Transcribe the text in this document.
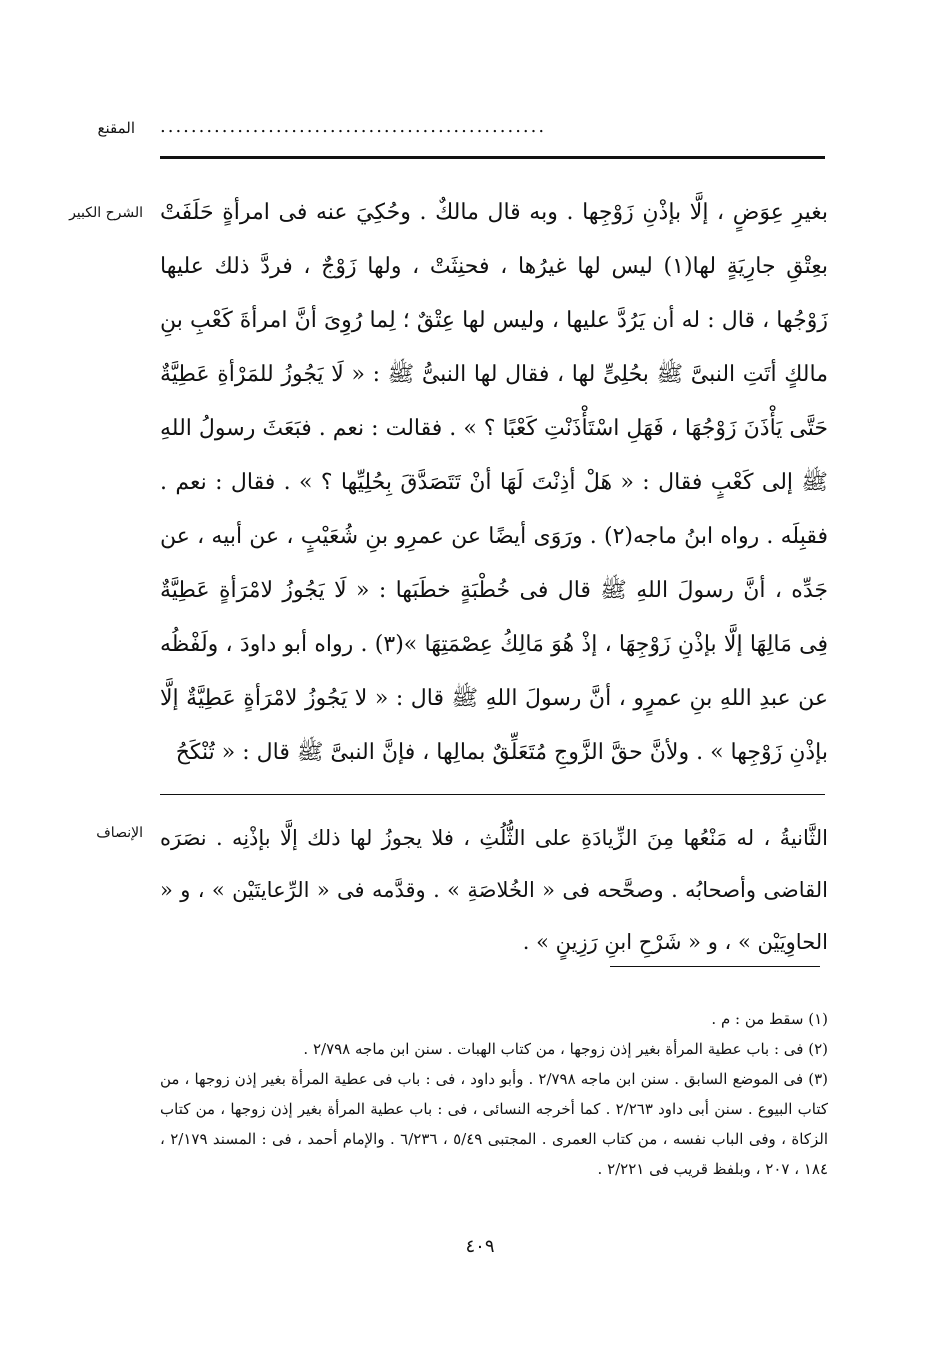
..................................................
المقنع
الشرح الكبير بغيرِ عِوَضٍ ، إلَّا بإذْنِ زَوْجِها . وبه قال مالكٌ . وحُكِيَ عنه فى امرأةٍ حَلَفَتْ بعِتْقِ جارِيَةٍ لها(١) ليس لها غيرُها ، فحنِثَتْ ، ولها زَوْجٌ ، فردَّ ذلك عليها زَوْجُها ، قال : له أن يَرُدَّ عليها ، وليس لها عِتْقٌ ؛ لِما رُوِىَ أنَّ امرأةَ كَعْبِ بنِ مالكٍ أتَتِ النبىَّ ﷺ بحُلِىٍّ لها ، فقال لها النبىُّ ﷺ : « لَا يَجُوزُ للمَرْأةِ عَطِيَّةٌ حَتَّى يَأْذَنَ زَوْجُهَا ، فَهَلِ اسْتَأْذَنْتِ كَعْبًا ؟ » . فقالت : نعم . فبَعَثَ رسولُ اللهِ ﷺ إلى كَعْبٍ فقال : « هَلْ أذِنْتَ لَهَا أنْ تَتَصَدَّقَ بِحُلِيِّها ؟ » . فقال : نعم . فقبِلَه . رواه ابنُ ماجه(٢) . ورَوَى أيضًا عن عمرِو بنِ شُعَيْبٍ ، عن أبيه ، عن جَدِّه ، أنَّ رسولَ اللهِ ﷺ قال فى خُطْبَةٍ خطَبَها : « لَا يَجُوزُ لامْرَأةٍ عَطِيَّةٌ فِى مَالِهَا إلَّا بإذْنِ زَوْجِهَا ، إذْ هُوَ مَالِكُ عِصْمَتِهَا »(٣) . رواه أبو داودَ ، ولَفْظُه عن عبدِ اللهِ بنِ عمرٍو ، أنَّ رسولَ اللهِ ﷺ قال : « لا يَجُوزُ لامْرَأةٍ عَطِيَّةٌ إلَّا بإذْنِ زَوْجِها » . ولأنَّ حقَّ الزَّوجِ مُتَعَلِّقٌ بمالِها ، فإنَّ النبىَّ ﷺ قال : « تُنْكَحُ

الإنصاف الثَّانيةُ ، له مَنْعُها مِنَ الزِّيادَةِ على الثُّلُثِ ، فلا يجوزُ لها ذلك إلَّا بإذْنِه . نصَرَه القاضى وأصحابُه . وصحَّحه فى « الخُلاصَةِ » . وقدَّمه فى « الرِّعايتَيْن » ، و « الحاوِيَيْن » ، و « شَرْحِ ابنِ رَزِينٍ » .

(١) سقط من : م .

(٢) فى : باب عطية المرأة بغير إذن زوجها ، من كتاب الهبات . سنن ابن ماجه ٢/٧٩٨ .

(٣) فى الموضع السابق . سنن ابن ماجه ٢/٧٩٨ . وأبو داود ، فى : باب فى عطية المرأة بغير إذن زوجها ، من كتاب البيوع . سنن أبى داود ٢/٢٦٣ . كما أخرجه النسائى ، فى : باب عطية المرأة بغير إذن زوجها ، من كتاب الزكاة ، وفى الباب نفسه ، من كتاب العمرى . المجتبى ٥/٤٩ ، ٦/٢٣٦ . والإمام أحمد ، فى : المسند ٢/١٧٩ ، ١٨٤ ، ٢٠٧ ، وبلفظ قريب فى ٢/٢٢١ .

٤٠٩
